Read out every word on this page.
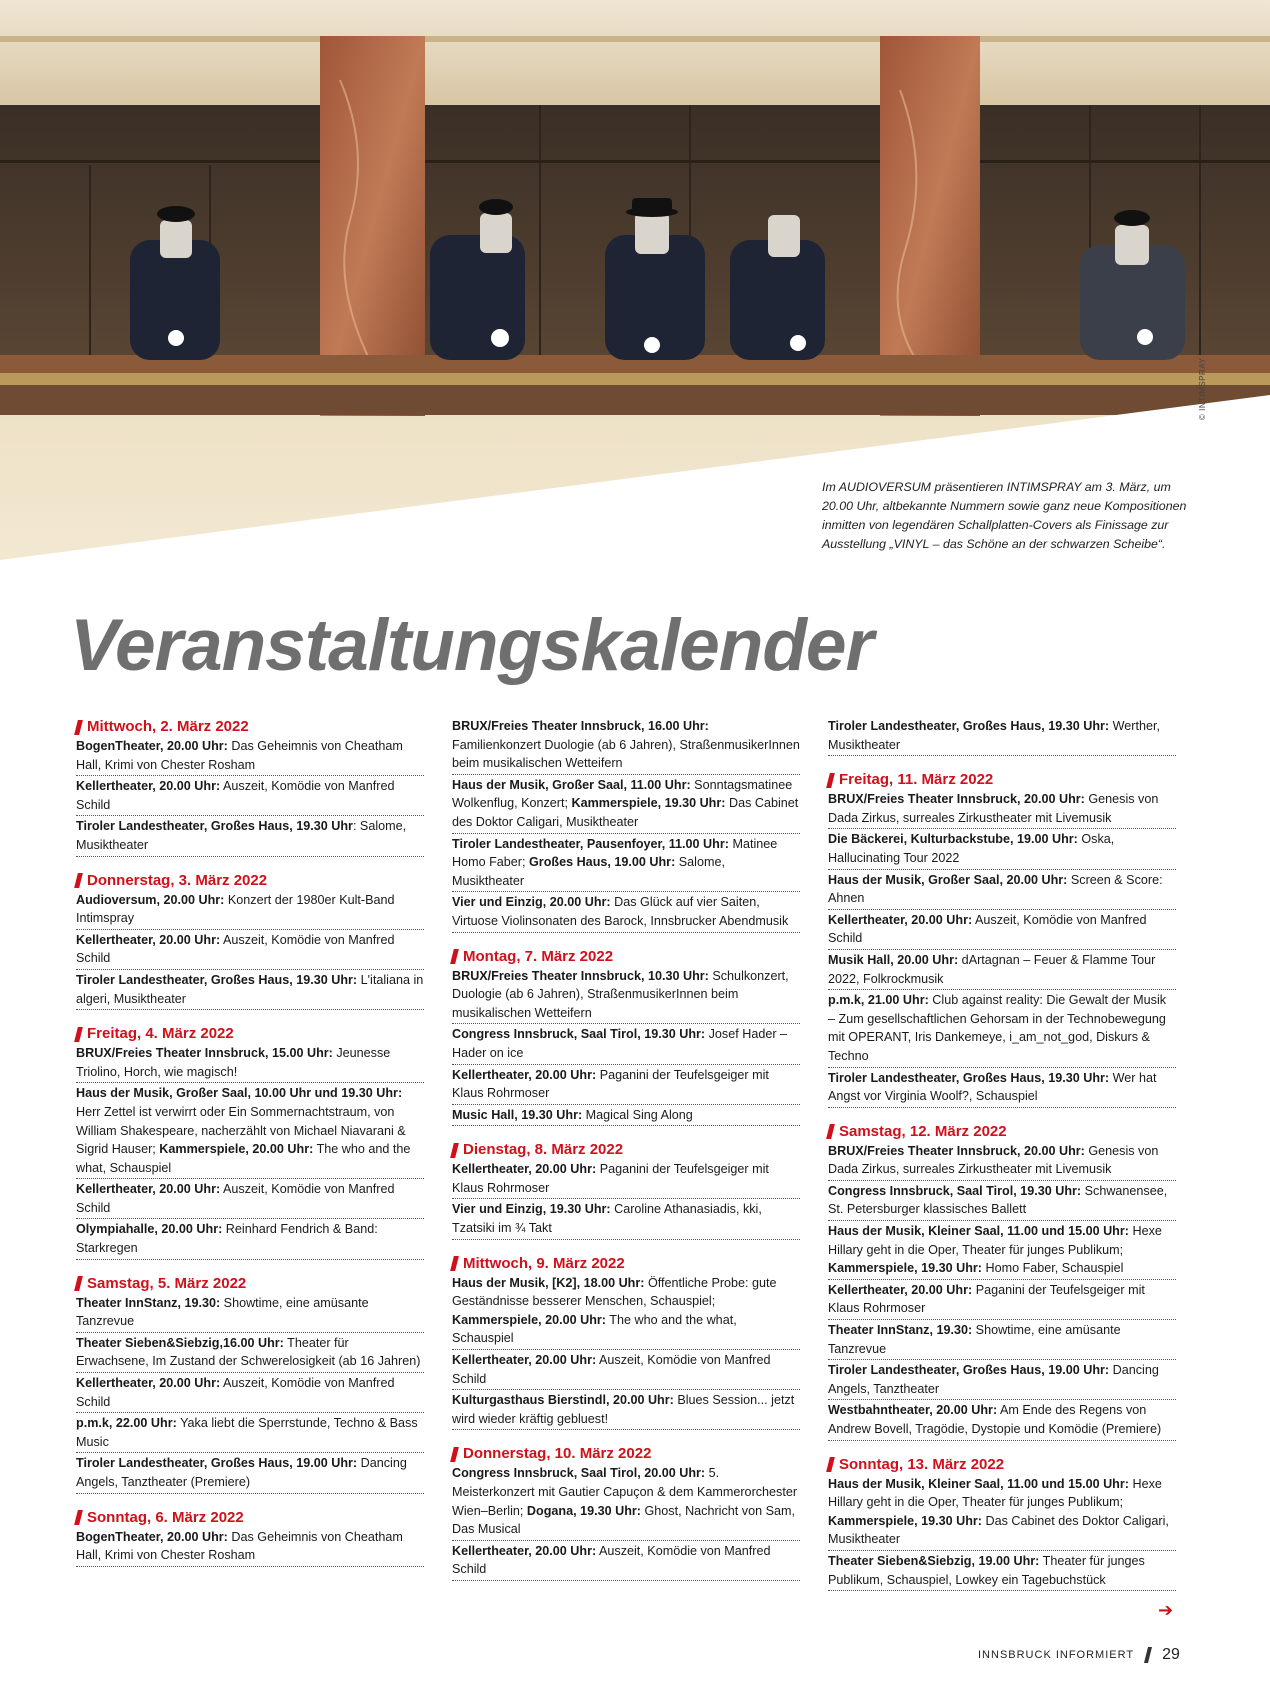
© INTIMSPRAY
Im AUDIOVERSUM präsentieren INTIMSPRAY am 3. März, um 20.00 Uhr, altbekannte Nummern sowie ganz neue Kompositionen inmitten von legendären Schallplatten-Covers als Finissage zur Ausstellung „VINYL – das Schöne an der schwarzen Scheibe“.
Veranstaltungskalender
Mittwoch, 2. März 2022
BogenTheater, 20.00 Uhr: Das Geheimnis von Cheatham Hall, Krimi von Chester Rosham
Kellertheater, 20.00 Uhr: Auszeit, Komödie von Manfred Schild
Tiroler Landestheater, Großes Haus, 19.30 Uhr: Salome, Musiktheater
Donnerstag, 3. März 2022
Audioversum, 20.00 Uhr: Konzert der 1980er Kult-Band Intimspray
Kellertheater, 20.00 Uhr: Auszeit, Komödie von Manfred Schild
Tiroler Landestheater, Großes Haus, 19.30 Uhr: L'italiana in algeri, Musiktheater
Freitag, 4. März 2022
BRUX/Freies Theater Innsbruck, 15.00 Uhr: Jeunesse Triolino, Horch, wie magisch!
Haus der Musik, Großer Saal, 10.00 Uhr und 19.30 Uhr: Herr Zettel ist verwirrt oder Ein Sommernachtstraum, von William Shakespeare, nacherzählt von Michael Niavarani & Sigrid Hauser; Kammerspiele, 20.00 Uhr: The who and the what, Schauspiel
Kellertheater, 20.00 Uhr: Auszeit, Komödie von Manfred Schild
Olympiahalle, 20.00 Uhr: Reinhard Fendrich & Band: Starkregen
Samstag, 5. März 2022
Theater InnStanz, 19.30: Showtime, eine amüsante Tanzrevue
Theater Sieben&Siebzig,16.00 Uhr: Theater für Erwachsene, Im Zustand der Schwerelosigkeit (ab 16 Jahren)
Kellertheater, 20.00 Uhr: Auszeit, Komödie von Manfred Schild
p.m.k, 22.00 Uhr: Yaka liebt die Sperrstunde, Techno & Bass Music
Tiroler Landestheater, Großes Haus, 19.00 Uhr: Dancing Angels, Tanztheater (Premiere)
Sonntag, 6. März 2022
BogenTheater, 20.00 Uhr: Das Geheimnis von Cheatham Hall, Krimi von Chester Rosham
BRUX/Freies Theater Innsbruck, 16.00 Uhr: Familienkonzert Duologie (ab 6 Jahren), StraßenmusikerInnen beim musikalischen Wetteifern
Haus der Musik, Großer Saal, 11.00 Uhr: Sonntagsmatinee Wolkenflug, Konzert; Kammerspiele, 19.30 Uhr: Das Cabinet des Doktor Caligari, Musiktheater
Tiroler Landestheater, Pausenfoyer, 11.00 Uhr: Matinee Homo Faber; Großes Haus, 19.00 Uhr: Salome, Musiktheater
Vier und Einzig, 20.00 Uhr: Das Glück auf vier Saiten, Virtuose Violinsonaten des Barock, Innsbrucker Abendmusik
Montag, 7. März 2022
BRUX/Freies Theater Innsbruck, 10.30 Uhr: Schulkonzert, Duologie (ab 6 Jahren), StraßenmusikerInnen beim musikalischen Wetteifern
Congress Innsbruck, Saal Tirol, 19.30 Uhr: Josef Hader – Hader on ice
Kellertheater, 20.00 Uhr: Paganini der Teufelsgeiger mit Klaus Rohrmoser
Music Hall, 19.30 Uhr: Magical Sing Along
Dienstag, 8. März 2022
Kellertheater, 20.00 Uhr: Paganini der Teufelsgeiger mit Klaus Rohrmoser
Vier und Einzig, 19.30 Uhr: Caroline Athanasiadis, kki, Tzatsiki im ¾ Takt
Mittwoch, 9. März 2022
Haus der Musik, [K2], 18.00 Uhr: Öffentliche Probe: gute Geständnisse besserer Menschen, Schauspiel; Kammerspiele, 20.00 Uhr: The who and the what, Schauspiel
Kellertheater, 20.00 Uhr: Auszeit, Komödie von Manfred Schild
Kulturgasthaus Bierstindl, 20.00 Uhr: Blues Session... jetzt wird wieder kräftig gebluest!
Donnerstag, 10. März 2022
Congress Innsbruck, Saal Tirol, 20.00 Uhr: 5. Meisterkonzert mit Gautier Capuçon & dem Kammerorchester Wien–Berlin; Dogana, 19.30 Uhr: Ghost, Nachricht von Sam, Das Musical
Kellertheater, 20.00 Uhr: Auszeit, Komödie von Manfred Schild
Tiroler Landestheater, Großes Haus, 19.30 Uhr: Werther, Musiktheater
Freitag, 11. März 2022
BRUX/Freies Theater Innsbruck, 20.00 Uhr: Genesis von Dada Zirkus, surreales Zirkustheater mit Livemusik
Die Bäckerei, Kulturbackstube, 19.00 Uhr: Oska, Hallucinating Tour 2022
Haus der Musik, Großer Saal, 20.00 Uhr: Screen & Score: Ahnen
Kellertheater, 20.00 Uhr: Auszeit, Komödie von Manfred Schild
Musik Hall, 20.00 Uhr: dArtagnan – Feuer & Flamme Tour 2022, Folkrockmusik
p.m.k, 21.00 Uhr: Club against reality: Die Gewalt der Musik – Zum gesellschaftlichen Gehorsam in der Technobewegung mit OPERANT, Iris Dankemeye, i_am_not_god, Diskurs & Techno
Tiroler Landestheater, Großes Haus, 19.30 Uhr: Wer hat Angst vor Virginia Woolf?, Schauspiel
Samstag, 12. März 2022
BRUX/Freies Theater Innsbruck, 20.00 Uhr: Genesis von Dada Zirkus, surreales Zirkustheater mit Livemusik
Congress Innsbruck, Saal Tirol, 19.30 Uhr: Schwanensee, St. Petersburger klassisches Ballett
Haus der Musik, Kleiner Saal, 11.00 und 15.00 Uhr: Hexe Hillary geht in die Oper, Theater für junges Publikum; Kammerspiele, 19.30 Uhr: Homo Faber, Schauspiel
Kellertheater, 20.00 Uhr: Paganini der Teufelsgeiger mit Klaus Rohrmoser
Theater InnStanz, 19.30: Showtime, eine amüsante Tanzrevue
Tiroler Landestheater, Großes Haus, 19.00 Uhr: Dancing Angels, Tanztheater
Westbahntheater, 20.00 Uhr: Am Ende des Regens von Andrew Bovell, Tragödie, Dystopie und Komödie (Premiere)
Sonntag, 13. März 2022
Haus der Musik, Kleiner Saal, 11.00 und 15.00 Uhr: Hexe Hillary geht in die Oper, Theater für junges Publikum; Kammerspiele, 19.30 Uhr: Das Cabinet des Doktor Caligari, Musiktheater
Theater Sieben&Siebzig, 19.00 Uhr: Theater für junges Publikum, Schauspiel, Lowkey ein Tagebuchstück
➔
INNSBRUCK INFORMIERT 29
